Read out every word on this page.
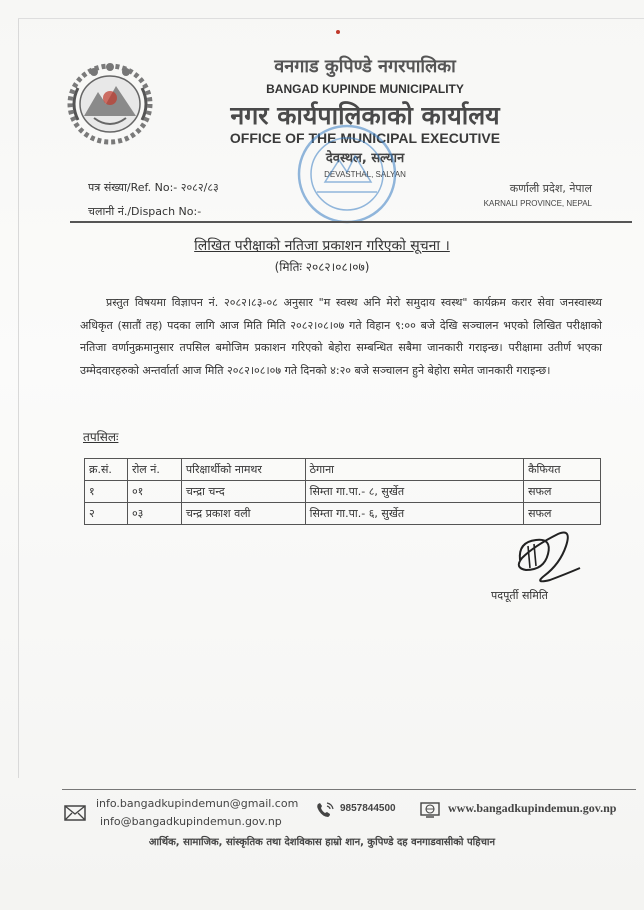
वनगाड कुपिण्डे नगरपालिका
BANGAD KUPINDE MUNICIPALITY
नगर कार्यपालिकाको कार्यालय
OFFICE OF THE MUNICIPAL EXECUTIVE
देवस्थल, सल्यान
DEVASTHAL, SALYAN
पत्र संख्या/Ref. No:- २०८२/८३
चलानी नं./Dispach No:-
कर्णाली प्रदेश, नेपाल
KARNALI PROVINCE, NEPAL
लिखित परीक्षाको नतिजा प्रकाशन गरिएको सूचना ।
(मितिः २०८२।०८।०७)

प्रस्तुत विषयमा विज्ञापन नं. २०८२।८३-०८ अनुसार "म स्वस्थ अनि मेरो समुदाय स्वस्थ" कार्यक्रम करार सेवा जनस्वास्थ्य अधिकृत (सातौं तह) पदका लागि आज मिति मिति २०८२।०८।०७ गते विहान ९:०० बजे देखि सञ्चालन भएको लिखित परीक्षाको नतिजा वर्णानुक्रमानुसार तपसिल बमोजिम प्रकाशन गरिएको बेहोरा सम्बन्धित सबैमा जानकारी गराइन्छ। परीक्षामा उतीर्ण भएका उम्मेदवारहरुको अन्तर्वार्ता आज मिति २०८२।०८।०७ गते दिनको ४:२० बजे सञ्चालन हुने बेहोरा समेत जानकारी गराइन्छ।

तपसिलः
क्र.सं.	रोल नं.	परिक्षार्थीको नामथर	ठेगाना	कैफियत
१	०१	चन्द्रा चन्द	सिम्ता गा.पा.- ८, सुर्खेत	सफल
२	०३	चन्द्र प्रकाश वली	सिम्ता गा.पा.- ६, सुर्खेत	सफल
पदपूर्ती समिति
info.bangadkupindemun@gmail.com
info@bangadkupindemun.gov.np
9857844500	www.bangadkupindemun.gov.np
आर्थिक, सामाजिक, सांस्कृतिक तथा देशविकास हाम्रो शान, कुपिण्डे दह वनगाडवासीको पहिचान
